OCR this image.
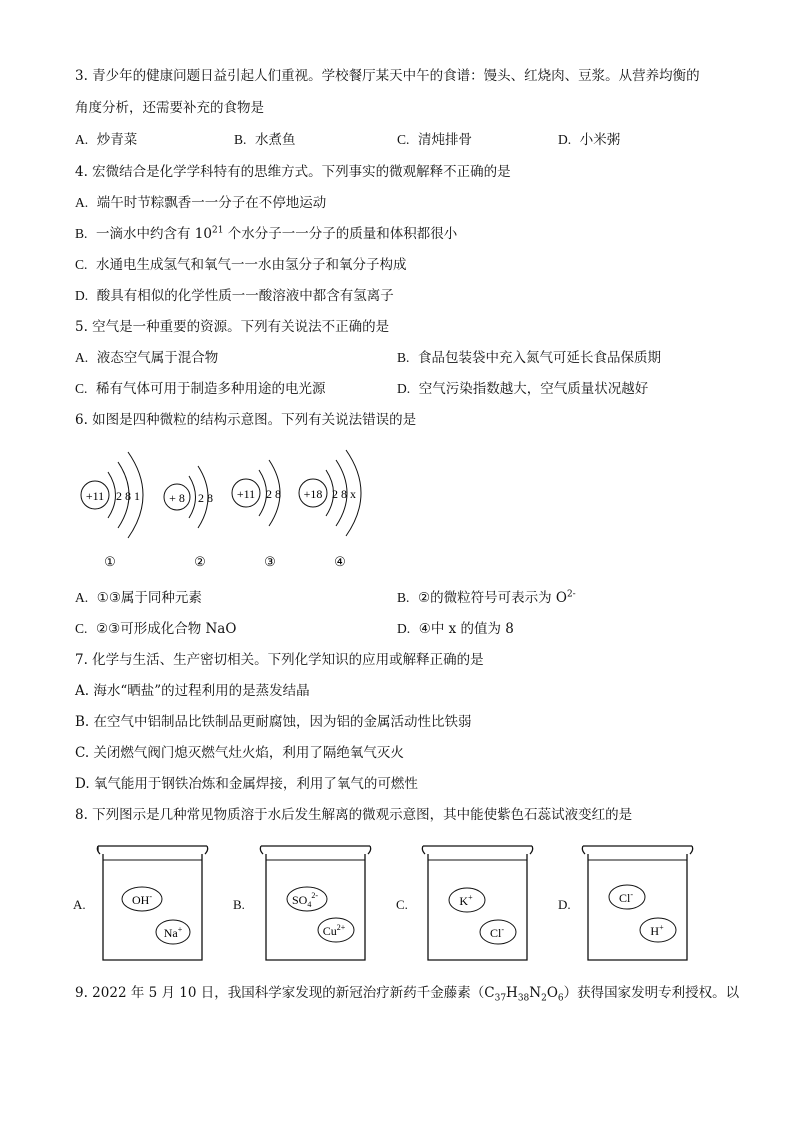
3. 青少年的健康问题日益引起人们重视。学校餐厅某天中午的食谱：馒头、红烧肉、豆浆。从营养均衡的
角度分析，还需要补充的食物是
A. 炒青菜	B. 水煮鱼	C. 清炖排骨	D. 小米粥
4. 宏微结合是化学学科特有的思维方式。下列事实的微观解释不正确的是
A. 端午时节粽飘香一一分子在不停地运动
B. 一滴水中约含有 $10^{21}$ 个水分子一一分子的质量和体积都很小
C. 水通电生成氢气和氧气一一水由氢分子和氧分子构成
D. 酸具有相似的化学性质一一酸溶液中都含有氢离子
5. 空气是一种重要的资源。下列有关说法不正确的是
A. 液态空气属于混合物	B. 食品包装袋中充入氮气可延长食品保质期
C. 稀有气体可用于制造多种用途的电光源	D. 空气污染指数越大，空气质量状况越好
6. 如图是四种微粒的结构示意图。下列有关说法错误的是
+11 2 8 1
①
+ 8 2 8
②
+11 2 8
③
+18 2 8 x
④
A. ①③属于同种元素	B. ②的微粒符号可表示为 $O^{2-}$
C. ②③可形成化合物 NaO	D. ④中 x 的值为 8
7. 化学与生活、生产密切相关。下列化学知识的应用或解释正确的是
A. 海水“晒盐”的过程利用的是蒸发结晶
B. 在空气中铝制品比铁制品更耐腐蚀，因为铝的金属活动性比铁弱
C. 关闭燃气阀门熄灭燃气灶火焰，利用了隔绝氧气灭火
D. 氧气能用于钢铁冶炼和金属焊接，利用了氧气的可燃性
8. 下列图示是几种常见物质溶于水后发生解离的微观示意图，其中能使紫色石蕊试液变红的是
A.	OH-
Na+
B.	$SO_4^{2-}$
$Cu^{2+}$
C.	K+
Cl-
D.	Cl-
H+
9. 2022 年 5 月 10 日，我国科学家发现的新冠治疗新药千金藤素$(C_{37}H_{38}N_2O_6)$获得国家发明专利授权。以
